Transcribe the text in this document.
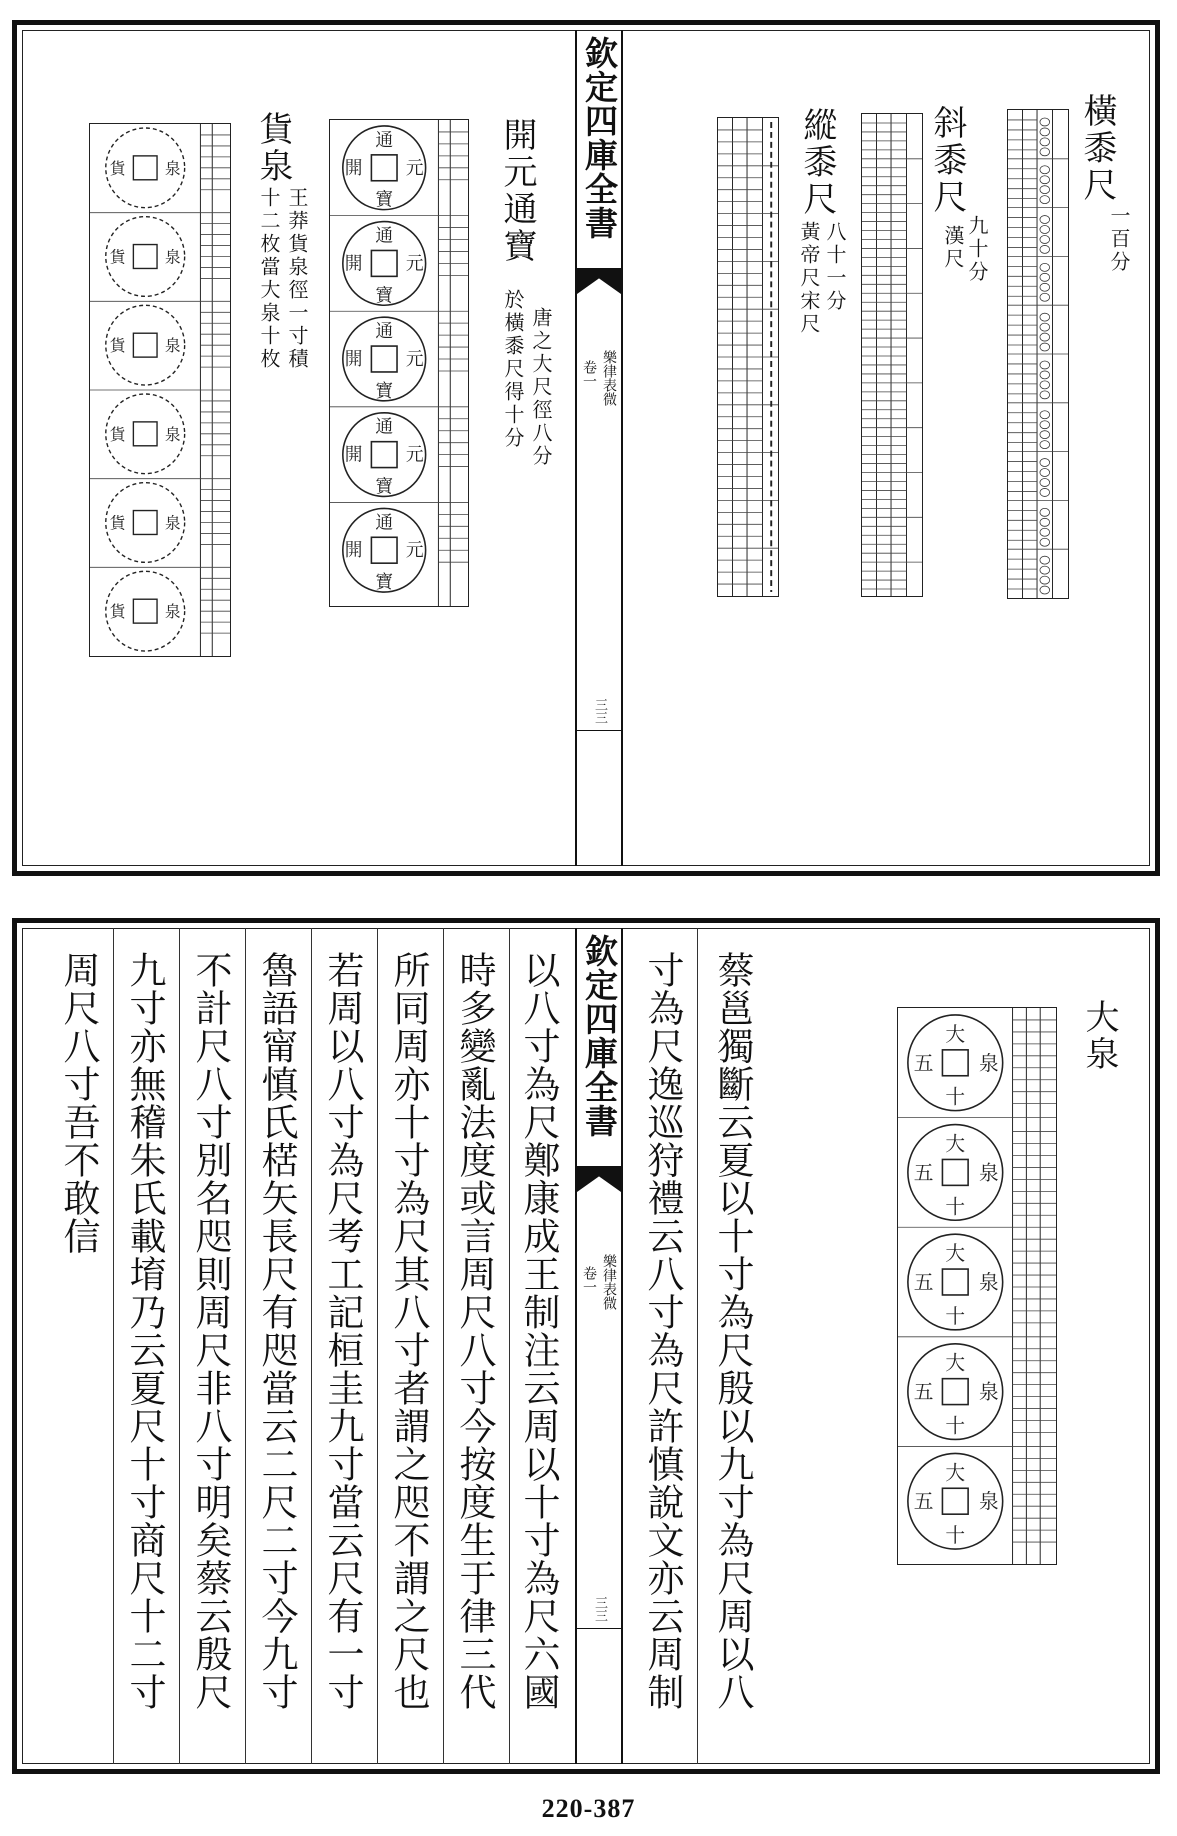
欽定四庫全書
卷一 樂律表微
三三
橫黍尺
一百分
斜黍尺
九十分
漢尺
縱黍尺
八十一分
黃帝尺宋尺
開元通寶
唐之大尺徑八分
於橫黍尺得十分
通
寶
開 元
通
寶
開 元
通
寶
開 元
通
寶
開 元
通
寶
開 元
貨泉
王莽貨泉徑一寸積
十二枚當大泉十枚
貨 泉
貨 泉
貨 泉
貨 泉
貨 泉
貨 泉
欽定四庫全書
卷一 樂律表微
三三
大泉
大
十
五 泉
大
十
五 泉
大
十
五 泉
大
十
五 泉
大
十
五 泉
蔡邕獨斷云夏以十寸為尺殷以九寸為尺周以八
寸為尺逸巡狩禮云八寸為尺許慎說文亦云周制
以八寸為尺鄭康成王制注云周以十寸為尺六國
時多變亂法度或言周尺八寸今按度生于律三代
所同周亦十寸為尺其八寸者謂之咫不謂之尺也
若周以八寸為尺考工記桓圭九寸當云尺有一寸
魯語甯慎氏楛矢長尺有咫當云二尺二寸今九寸
不計尺八寸別名咫則周尺非八寸明矣蔡云殷尺
九寸亦無稽朱氏載堉乃云夏尺十寸商尺十二寸
周尺八寸吾不敢信
220-387
